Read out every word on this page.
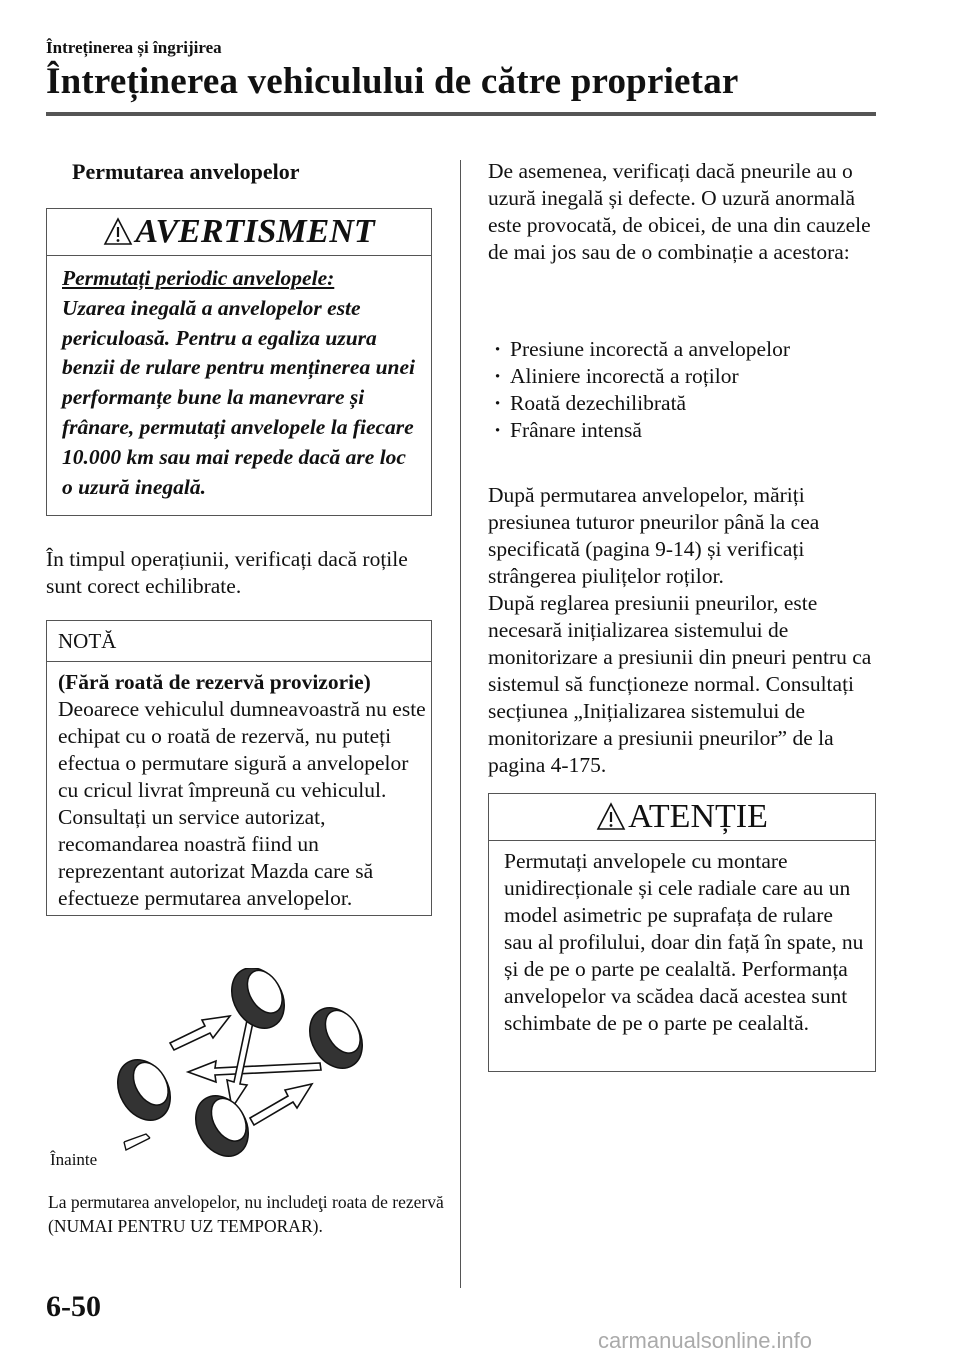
Întreținerea și îngrijirea
Întreținerea vehiculului de către proprietar
Permutarea anvelopelor
AVERTISMENT
Permutați periodic anvelopele:
Uzarea inegală a anvelopelor este periculoasă. Pentru a egaliza uzura benzii de rulare pentru menținerea unei performanțe bune la manevrare și frânare, permutați anvelopele la fiecare 10.000 km sau mai repede dacă are loc o uzură inegală.
În timpul operațiunii, verificați dacă roțile sunt corect echilibrate.
NOTĂ
(Fără roată de rezervă provizorie)
Deoarece vehiculul dumneavoastră nu este echipat cu o roată de rezervă, nu puteți efectua o permutare sigură a anvelopelor cu cricul livrat împreună cu vehiculul. Consultați un service autorizat, recomandarea noastră fiind un reprezentant autorizat Mazda care să efectueze permutarea anvelopelor.
Înainte
La permutarea anvelopelor, nu includeţi roata de rezervă (NUMAI PENTRU UZ TEMPORAR).
De asemenea, verificați dacă pneurile au o uzură inegală și defecte. O uzură anormală este provocată, de obicei, de una din cauzele de mai jos sau de o combinație a acestora:
· Presiune incorectă a anvelopelor
· Aliniere incorectă a roților
· Roată dezechilibrată
· Frânare intensă
După permutarea anvelopelor, măriți presiunea tuturor pneurilor până la cea specificată (pagina 9-14) și verificați strângerea piulițelor roților.
După reglarea presiunii pneurilor, este necesară inițializarea sistemului de monitorizare a presiunii din pneuri pentru ca sistemul să funcționeze normal. Consultați secțiunea „Inițializarea sistemului de monitorizare a presiunii pneurilor” de la pagina 4-175.
ATENȚIE
Permutați anvelopele cu montare unidirecționale și cele radiale care au un model asimetric pe suprafața de rulare sau al profilului, doar din față în spate, nu și de pe o parte pe cealaltă. Performanța anvelopelor va scădea dacă acestea sunt schimbate de pe o parte pe cealaltă.
6-50
carmanualsonline.info
